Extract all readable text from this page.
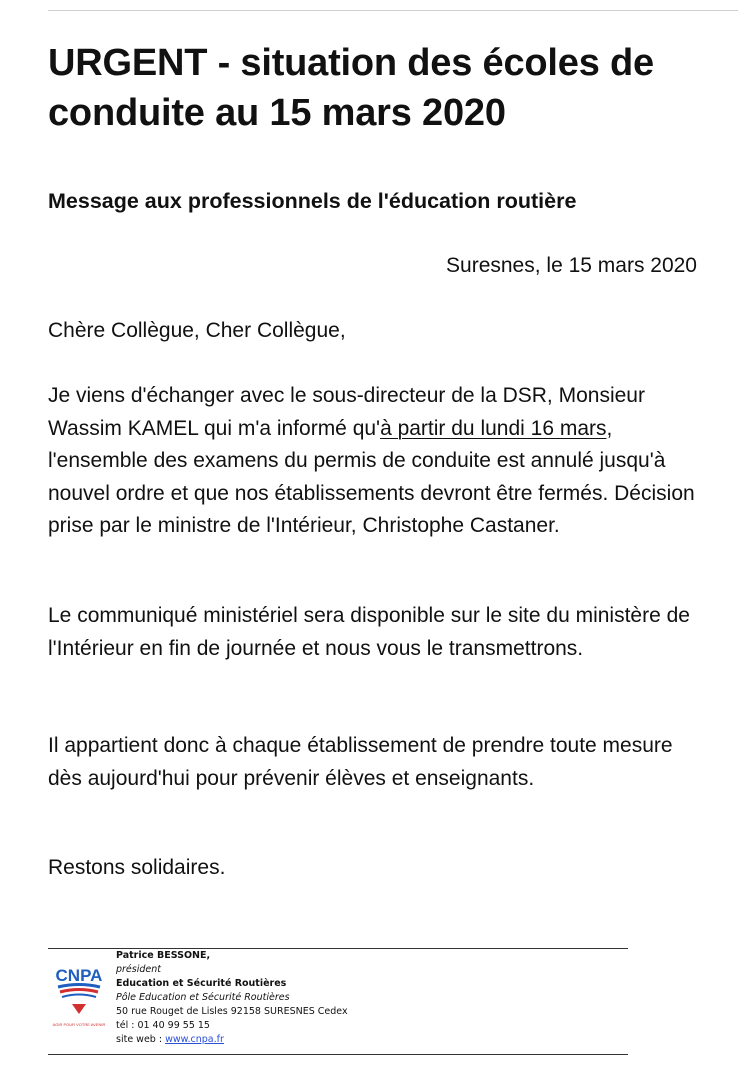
URGENT - situation des écoles de conduite au 15 mars 2020
Message aux professionnels de l'éducation routière

Suresnes, le 15 mars 2020

Chère Collègue, Cher Collègue,

Je viens d'échanger avec le sous-directeur de la DSR, Monsieur Wassim KAMEL qui m'a informé qu'à partir du lundi 16 mars, l'ensemble des examens du permis de conduite est annulé jusqu'à nouvel ordre et que nos établissements devront être fermés. Décision prise par le ministre de l'Intérieur, Christophe Castaner.

Le communiqué ministériel sera disponible sur le site du ministère de l'Intérieur en fin de journée et nous vous le transmettrons.

Il appartient donc à chaque établissement de prendre toute mesure dès aujourd'hui pour prévenir élèves et enseignants.

Restons solidaires.

CNPA
AGIR POUR VOTRE AVENIR
Patrice BESSONE,
président
Education et Sécurité Routières
Pôle Education et Sécurité Routières
50 rue Rouget de Lisles 92158 SURESNES Cedex
tél : 01 40 99 55 15
site web : www.cnpa.fr
